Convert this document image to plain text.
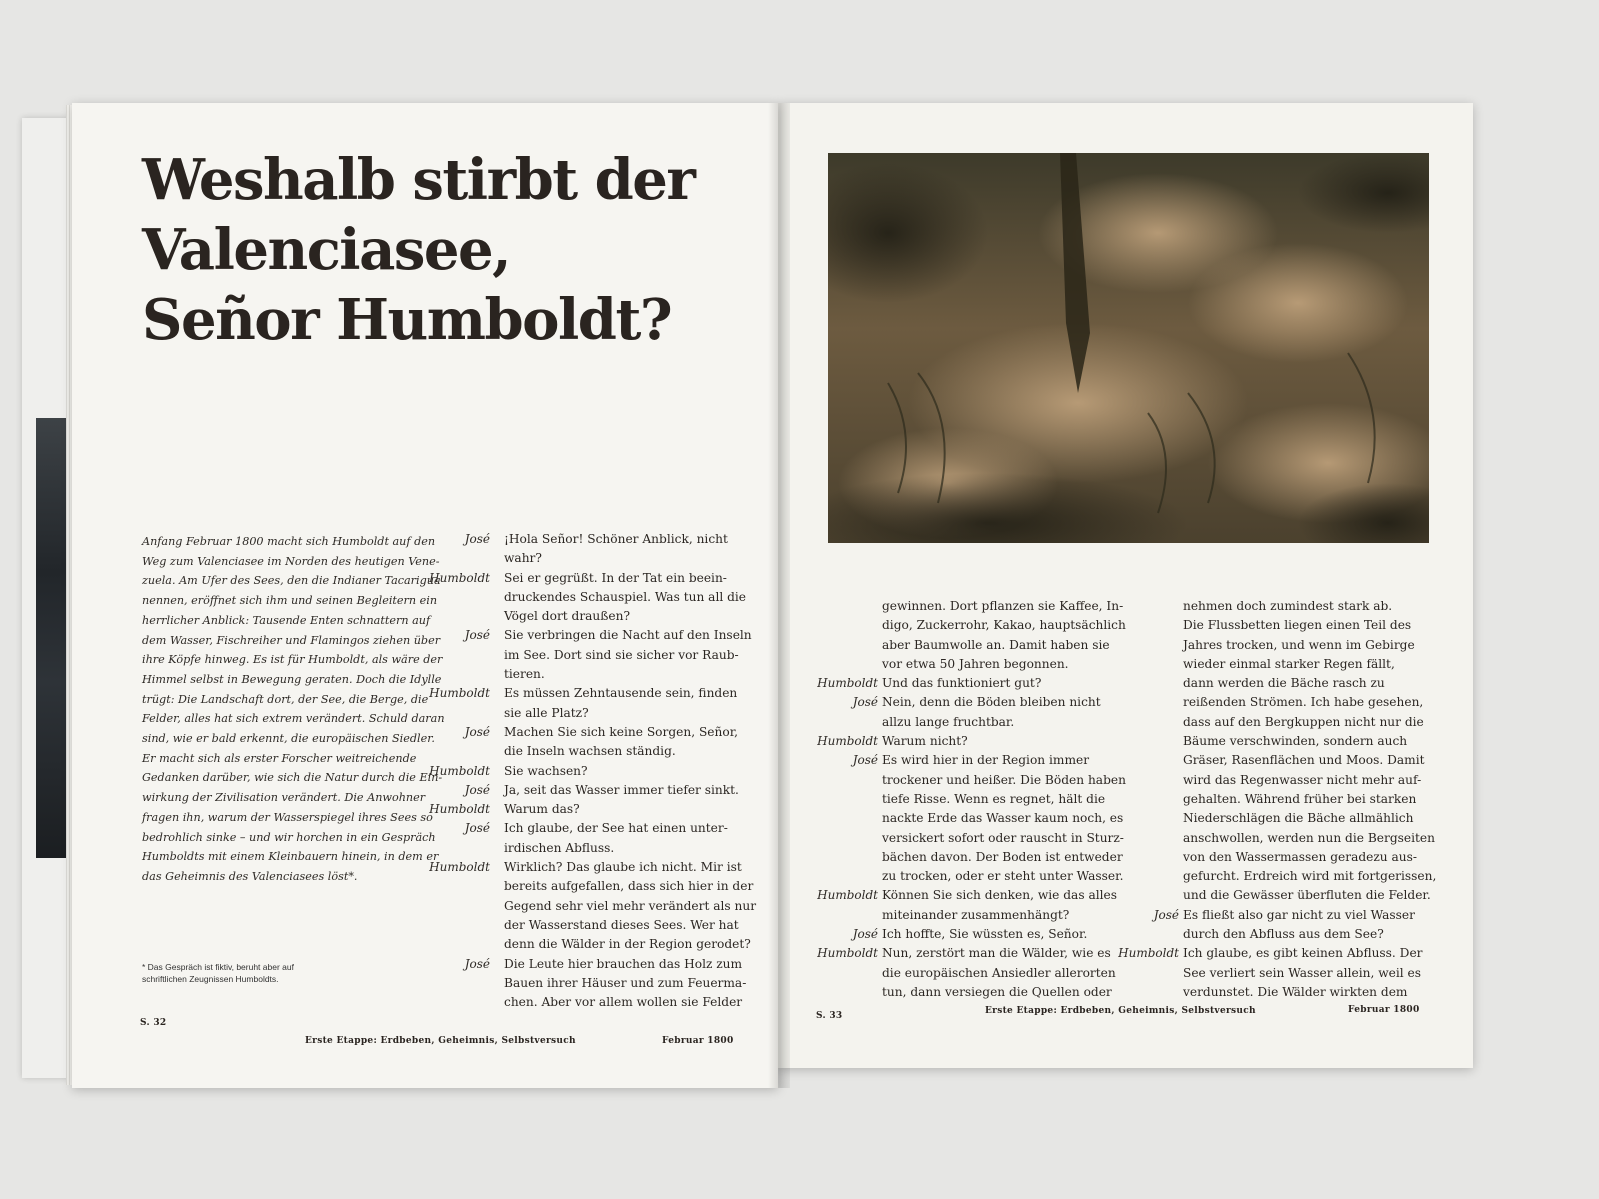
gewinnen. Dort pflanzen sie Kaffee, In-
digo, Zuckerrohr, Kakao, hauptsächlich
aber Baumwolle an. Damit haben sie
vor etwa 50 Jahren begonnen.
Humboldt Und das funktioniert gut?
José Nein, denn die Böden bleiben nicht
allzu lange fruchtbar.
Humboldt Warum nicht?
José Es wird hier in der Region immer
trockener und heißer. Die Böden haben
tiefe Risse. Wenn es regnet, hält die
nackte Erde das Wasser kaum noch, es
versickert sofort oder rauscht in Sturz-
bächen davon. Der Boden ist entweder
zu trocken, oder er steht unter Wasser.
Humboldt Können Sie sich denken, wie das alles
miteinander zusammenhängt?
José Ich hoffte, Sie wüssten es, Señor.
Humboldt Nun, zerstört man die Wälder, wie es
die europäischen Ansiedler allerorten
tun, dann versiegen die Quellen oder
nehmen doch zumindest stark ab.
Die Flussbetten liegen einen Teil des
Jahres trocken, und wenn im Gebirge
wieder einmal starker Regen fällt,
dann werden die Bäche rasch zu
reißenden Strömen. Ich habe gesehen,
dass auf den Bergkuppen nicht nur die
Bäume verschwinden, sondern auch
Gräser, Rasenflächen und Moos. Damit
wird das Regenwasser nicht mehr auf-
gehalten. Während früher bei starken
Niederschlägen die Bäche allmählich
anschwollen, werden nun die Bergseiten
von den Wassermassen geradezu aus-
gefurcht. Erdreich wird mit fortgerissen,
und die Gewässer überfluten die Felder.
José Es fließt also gar nicht zu viel Wasser
durch den Abfluss aus dem See?
Humboldt Ich glaube, es gibt keinen Abfluss. Der
See verliert sein Wasser allein, weil es
verdunstet. Die Wälder wirkten dem
S. 33	Erste Etappe: Erdbeben, Geheimnis, Selbstversuch	Februar 1800
Weshalb stirbt der
Valenciasee,
Señor Humboldt?

Anfang Februar 1800 macht sich Humboldt auf den
Weg zum Valenciasee im Norden des heutigen Vene-
zuela. Am Ufer des Sees, den die Indianer Tacarigua
nennen, eröffnet sich ihm und seinen Begleitern ein
herrlicher Anblick: Tausende Enten schnattern auf
dem Wasser, Fischreiher und Flamingos ziehen über
ihre Köpfe hinweg. Es ist für Humboldt, als wäre der
Himmel selbst in Bewegung geraten. Doch die Idylle
trügt: Die Landschaft dort, der See, die Berge, die
Felder, alles hat sich extrem verändert. Schuld daran
sind, wie er bald erkennt, die europäischen Siedler.
Er macht sich als erster Forscher weitreichende
Gedanken darüber, wie sich die Natur durch die Ein-
wirkung der Zivilisation verändert. Die Anwohner
fragen ihn, warum der Wasserspiegel ihres Sees so
bedrohlich sinke – und wir horchen in ein Gespräch
Humboldts mit einem Kleinbauern hinein, in dem er
das Geheimnis des Valenciasees löst*.

José ¡Hola Señor! Schöner Anblick, nicht
wahr?
Humboldt Sei er gegrüßt. In der Tat ein beein-
druckendes Schauspiel. Was tun all die
Vögel dort draußen?
José Sie verbringen die Nacht auf den Inseln
im See. Dort sind sie sicher vor Raub-
tieren.
Humboldt Es müssen Zehntausende sein, finden
sie alle Platz?
José Machen Sie sich keine Sorgen, Señor,
die Inseln wachsen ständig.
Humboldt Sie wachsen?
José Ja, seit das Wasser immer tiefer sinkt.
Humboldt Warum das?
José Ich glaube, der See hat einen unter-
irdischen Abfluss.
Humboldt Wirklich? Das glaube ich nicht. Mir ist
bereits aufgefallen, dass sich hier in der
Gegend sehr viel mehr verändert als nur
der Wasserstand dieses Sees. Wer hat
denn die Wälder in der Region gerodet?
José Die Leute hier brauchen das Holz zum
Bauen ihrer Häuser und zum Feuerma-
chen. Aber vor allem wollen sie Felder

* Das Gespräch ist fiktiv, beruht aber auf
schriftlichen Zeugnissen Humboldts.

S. 32
Erste Etappe: Erdbeben, Geheimnis, Selbstversuch	Februar 1800
